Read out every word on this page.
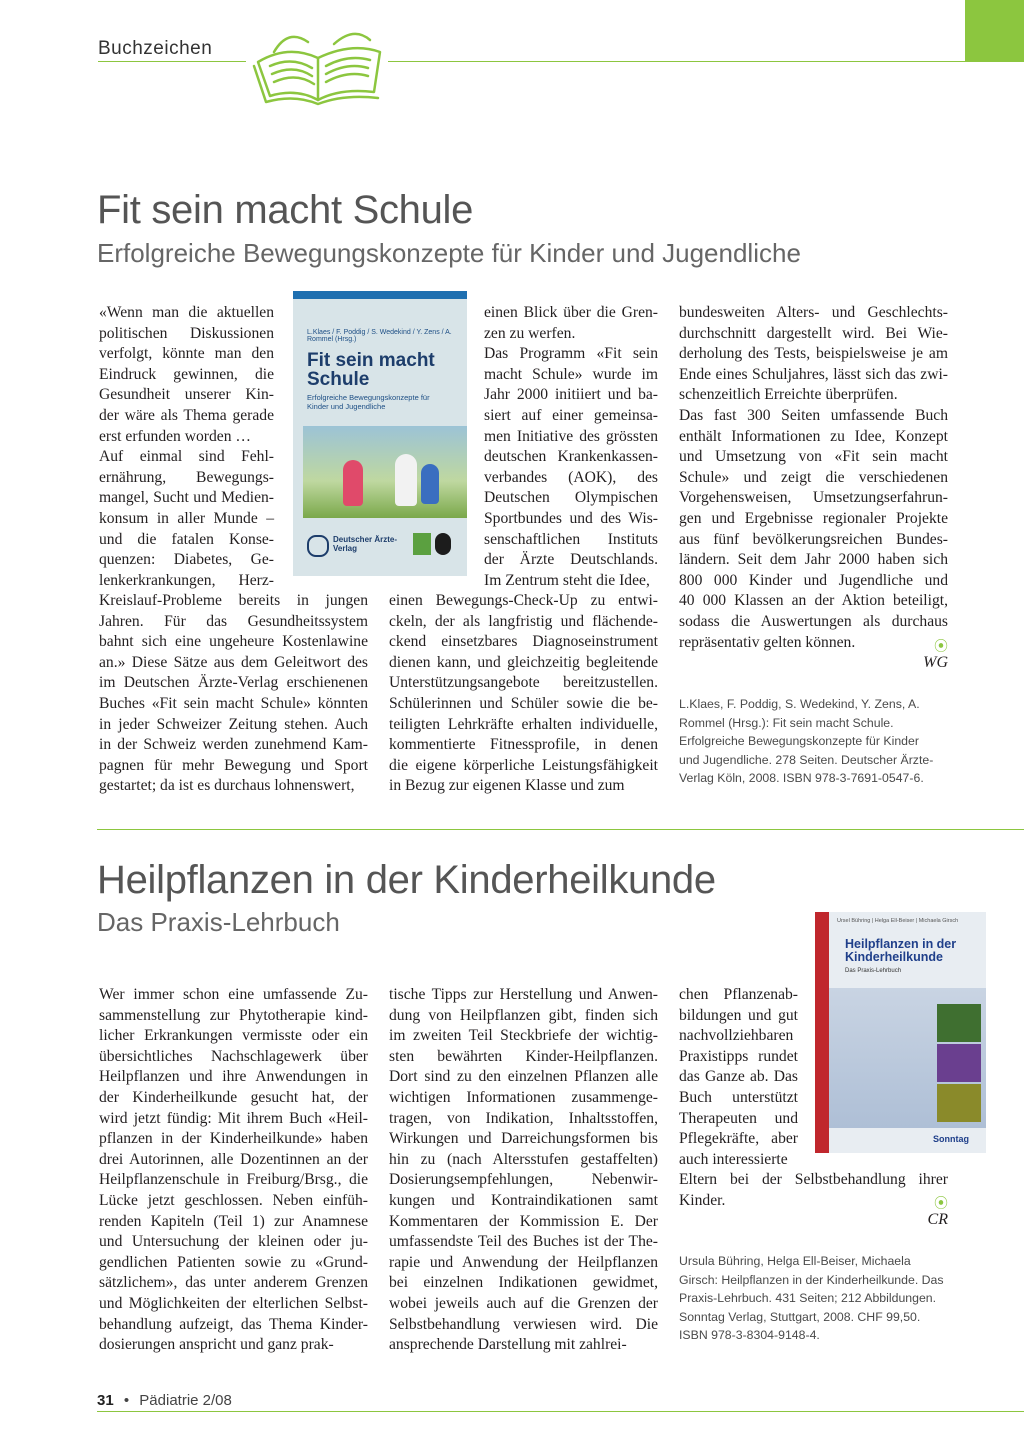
Buchzeichen
Fit sein macht Schule
Erfolgreiche Bewegungskonzepte für Kinder und Jugendliche
«Wenn man die aktuellen
politischen Diskussionen
verfolgt, könnte man den
Eindruck gewinnen, die
Gesundheit unserer Kin-
der wäre als Thema gerade
erst erfunden worden …
Auf einmal sind Fehl-
ernährung, Bewegungs-
mangel, Sucht und Medien-
konsum in aller Munde –
und die fatalen Konse-
quenzen: Diabetes, Ge-
lenkerkrankungen, Herz-
Kreislauf-Probleme bereits in jungen
Jahren. Für das Gesundheitssystem
bahnt sich eine ungeheure Kostenlawine
an.» Diese Sätze aus dem Geleitwort des
im Deutschen Ärzte-Verlag erschienenen
Buches «Fit sein macht Schule» könnten
in jeder Schweizer Zeitung stehen. Auch
in der Schweiz werden zunehmend Kam-
pagnen für mehr Bewegung und Sport
gestartet; da ist es durchaus lohnenswert,
L.Klaes / F. Poddig / S. Wedekind / Y. Zens / A. Rommel (Hrsg.)
Fit sein macht Schule
Erfolgreiche Bewegungskonzepte für Kinder und Jugendliche
Deutscher Ärzte-Verlag
einen Blick über die Gren-
zen zu werfen.
Das Programm «Fit sein
macht Schule» wurde im
Jahr 2000 initiiert und ba-
siert auf einer gemeinsa-
men Initiative des grössten
deutschen Krankenkassen-
verbandes (AOK), des
Deutschen Olympischen
Sportbundes und des Wis-
senschaftlichen Instituts
der Ärzte Deutschlands.
Im Zentrum steht die Idee,
einen Bewegungs-Check-Up zu entwi-
ckeln, der als langfristig und flächende-
ckend einsetzbares Diagnoseinstrument
dienen kann, und gleichzeitig begleitende
Unterstützungsangebote bereitzustellen.
Schülerinnen und Schüler sowie die be-
teiligten Lehrkräfte erhalten individuelle,
kommentierte Fitnessprofile, in denen
die eigene körperliche Leistungsfähigkeit
in Bezug zur eigenen Klasse und zum
bundesweiten Alters- und Geschlechts-
durchschnitt dargestellt wird. Bei Wie-
derholung des Tests, beispielsweise je am
Ende eines Schuljahres, lässt sich das zwi-
schenzeitlich Erreichte überprüfen.
Das fast 300 Seiten umfassende Buch
enthält Informationen zu Idee, Konzept
und Umsetzung von «Fit sein macht
Schule» und zeigt die verschiedenen
Vorgehensweisen, Umsetzungserfahrun-
gen und Ergebnisse regionaler Projekte
aus fünf bevölkerungsreichen Bundes-
ländern. Seit dem Jahr 2000 haben sich
800 000 Kinder und Jugendliche und
40 000 Klassen an der Aktion beteiligt,
sodass die Auswertungen als durchaus
repräsentativ gelten können.	⦿
WG
L.Klaes, F. Poddig, S. Wedekind, Y. Zens, A. Rommel (Hrsg.): Fit sein macht Schule. Erfolgreiche Bewegungskonzepte für Kinder und Jugendliche. 278 Seiten. Deutscher Ärzte-Verlag Köln, 2008. ISBN 978-3-7691-0547-6.
Heilpflanzen in der Kinderheilkunde
Das Praxis-Lehrbuch
Wer immer schon eine umfassende Zu-
sammenstellung zur Phytotherapie kind-
licher Erkrankungen vermisste oder ein
übersichtliches Nachschlagewerk über
Heilpflanzen und ihre Anwendungen in
der Kinderheilkunde gesucht hat, der
wird jetzt fündig: Mit ihrem Buch «Heil-
pflanzen in der Kinderheilkunde» haben
drei Autorinnen, alle Dozentinnen an der
Heilpflanzenschule in Freiburg/Brsg., die
Lücke jetzt geschlossen. Neben einfüh-
renden Kapiteln (Teil 1) zur Anamnese
und Untersuchung der kleinen oder ju-
gendlichen Patienten sowie zu «Grund-
sätzlichem», das unter anderem Grenzen
und Möglichkeiten der elterlichen Selbst-
behandlung aufzeigt, das Thema Kinder-
dosierungen anspricht und ganz prak-
tische Tipps zur Herstellung und Anwen-
dung von Heilpflanzen gibt, finden sich
im zweiten Teil Steckbriefe der wichtig-
sten bewährten Kinder-Heilpflanzen.
Dort sind zu den einzelnen Pflanzen alle
wichtigen Informationen zusammenge-
tragen, von Indikation, Inhaltsstoffen,
Wirkungen und Darreichungsformen bis
hin zu (nach Altersstufen gestaffelten)
Dosierungsempfehlungen, Nebenwir-
kungen und Kontraindikationen samt
Kommentaren der Kommission E. Der
umfassendste Teil des Buches ist der The-
rapie und Anwendung der Heilpflanzen
bei einzelnen Indikationen gewidmet,
wobei jeweils auch auf die Grenzen der
Selbstbehandlung verwiesen wird. Die
ansprechende Darstellung mit zahlrei-
chen Pflanzenab-
bildungen und gut
nachvollziehbaren
Praxistipps rundet
das Ganze ab. Das
Buch unterstützt
Therapeuten und
Pflegekräfte, aber
auch interessierte
Eltern bei der Selbstbehandlung ihrer
Kinder.
Ursel Bühring | Helga Ell-Beiser | Michaela Girsch
Heilpflanzen in der Kinderheilkunde
Das Praxis-Lehrbuch
Sonntag
⦿
CR
Ursula Bühring, Helga Ell-Beiser, Michaela Girsch: Heilpflanzen in der Kinderheilkunde. Das Praxis-Lehrbuch. 431 Seiten; 212 Abbildungen. Sonntag Verlag, Stuttgart, 2008. CHF 99,50. ISBN 978-3-8304-9148-4.
31 • Pädiatrie 2/08
